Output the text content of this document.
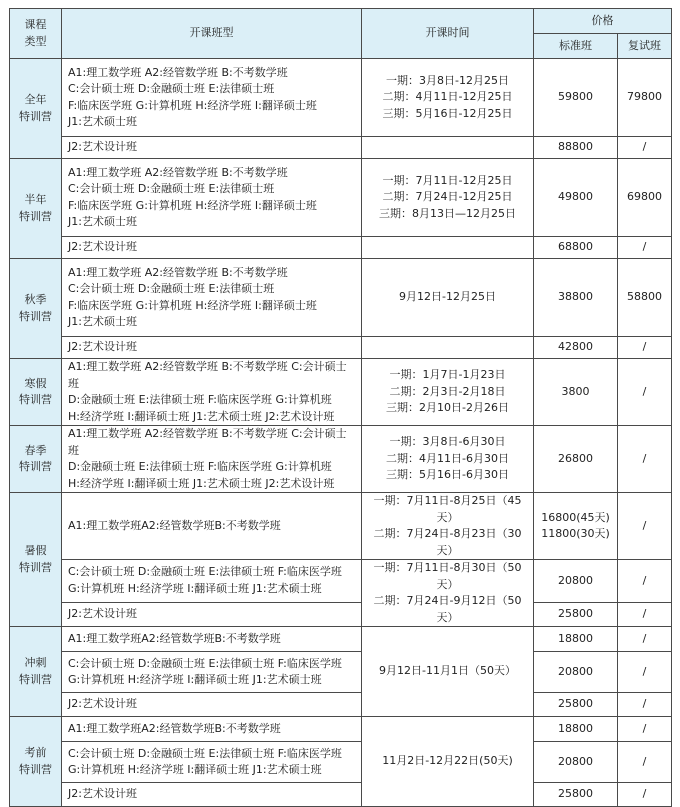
课程
类型	开课班型	开课时间	价格	
			标准班	复试班
全年
特训营	A1:理工数学班 A2:经管数学班 B:不考数学班
C:会计硕士班 D:金融硕士班 E:法律硕士班
F:临床医学班 G:计算机班 H:经济学班 I:翻译硕士班
J1:艺术硕士班	一期：3月8日-12月25日
二期：4月11日-12月25日
三期：5月16日-12月25日	59800	79800
	J2:艺术设计班		88800	/
半年
特训营	A1:理工数学班 A2:经管数学班 B:不考数学班
C:会计硕士班 D:金融硕士班 E:法律硕士班
F:临床医学班 G:计算机班 H:经济学班 I:翻译硕士班
J1:艺术硕士班	一期：7月11日-12月25日
二期：7月24日-12月25日
三期：8月13日—12月25日	49800	69800
	J2:艺术设计班		68800	/
秋季
特训营	A1:理工数学班 A2:经管数学班 B:不考数学班
C:会计硕士班 D:金融硕士班 E:法律硕士班
F:临床医学班 G:计算机班 H:经济学班 I:翻译硕士班
J1:艺术硕士班	9月12日-12月25日	38800	58800
	J2:艺术设计班		42800	/
寒假
特训营	A1:理工数学班 A2:经管数学班 B:不考数学班 C:会计硕士班
D:金融硕士班 E:法律硕士班 F:临床医学班 G:计算机班
H:经济学班 I:翻译硕士班 J1:艺术硕士班 J2:艺术设计班	一期：1月7日-1月23日
二期：2月3日-2月18日
三期：2月10日-2月26日	3800	/
春季
特训营	A1:理工数学班 A2:经管数学班 B:不考数学班 C:会计硕士班
D:金融硕士班 E:法律硕士班 F:临床医学班 G:计算机班
H:经济学班 I:翻译硕士班 J1:艺术硕士班 J2:艺术设计班	一期：3月8日-6月30日
二期：4月11日-6月30日
三期：5月16日-6月30日	26800	/
暑假
特训营	A1:理工数学班A2:经管数学班B:不考数学班	一期：7月11日-8月25日（45天）
二期：7月24日-8月23日（30天）	16800(45天)
11800(30天)	/
	C:会计硕士班 D:金融硕士班 E:法律硕士班 F:临床医学班
G:计算机班 H:经济学班 I:翻译硕士班 J1:艺术硕士班	一期：7月11日-8月30日（50天）
二期：7月24日-9月12日（50天）	20800	/
	J2:艺术设计班		25800	/
冲刺
特训营	A1:理工数学班A2:经管数学班B:不考数学班	9月12日-11月1日（50天）	18800	/
	C:会计硕士班 D:金融硕士班 E:法律硕士班 F:临床医学班
G:计算机班 H:经济学班 I:翻译硕士班 J1:艺术硕士班		20800	/
	J2:艺术设计班		25800	/
考前
特训营	A1:理工数学班A2:经管数学班B:不考数学班	11月2日-12月22日(50天)	18800	/
	C:会计硕士班 D:金融硕士班 E:法律硕士班 F:临床医学班
G:计算机班 H:经济学班 I:翻译硕士班 J1:艺术硕士班		20800	/
	J2:艺术设计班		25800	/
